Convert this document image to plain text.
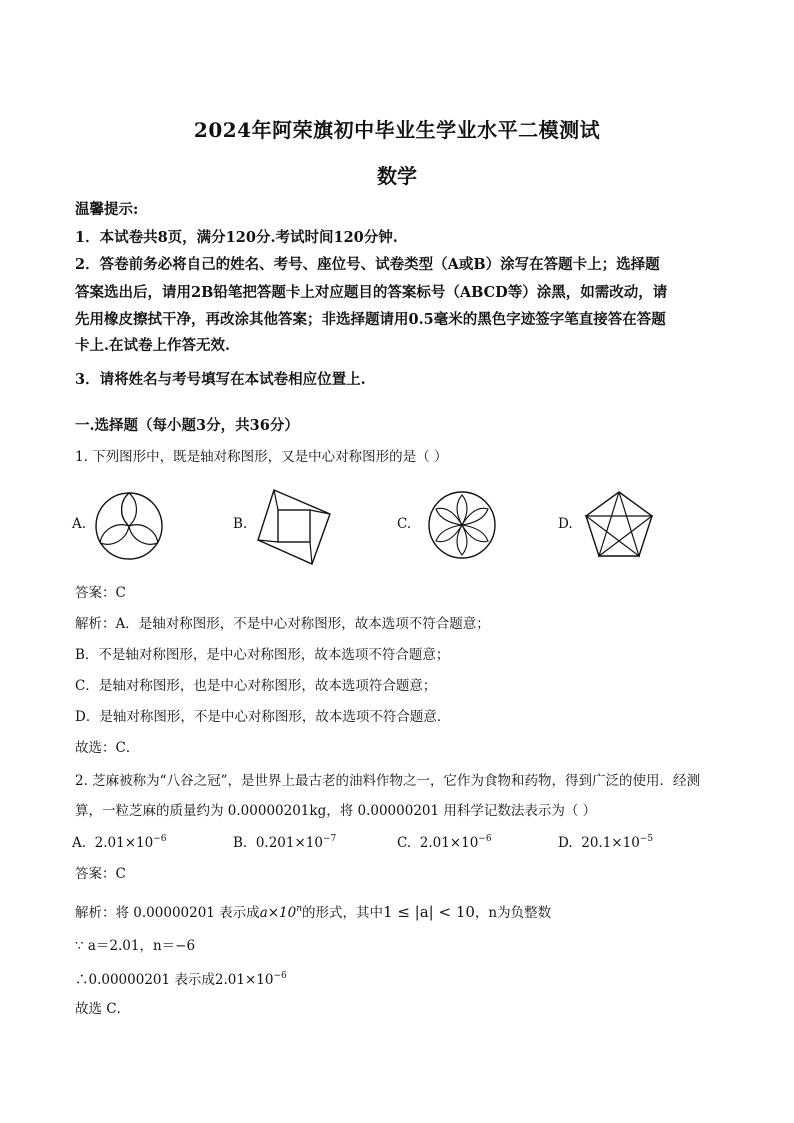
2024年阿荣旗初中毕业生学业水平二模测试
数学
温馨提示:
1．本试卷共8页，满分120分.考试时间120分钟.
2．答卷前务必将自己的姓名、考号、座位号、试卷类型（A或B）涂写在答题卡上；选择题
答案选出后，请用2B铅笔把答题卡上对应题目的答案标号（ABCD等）涂黑，如需改动，请
先用橡皮擦拭干净，再改涂其他答案；非选择题请用0.5毫米的黑色字迹签字笔直接答在答题
卡上.在试卷上作答无效.
3．请将姓名与考号填写在本试卷相应位置上.
一.选择题（每小题3分，共36分）
1. 下列图形中，既是轴对称图形，又是中心对称图形的是（ ）
A.	B.	C.	D.
答案：C
解析：A．是轴对称图形，不是中心对称图形，故本选项不符合题意；
B．不是轴对称图形，是中心对称图形，故本选项不符合题意；
C．是轴对称图形，也是中心对称图形，故本选项符合题意；
D．是轴对称图形，不是中心对称图形，故本选项不符合题意．
故选：C．
2. 芝麻被称为“八谷之冠”，是世界上最古老的油料作物之一，它作为食物和药物，得到广泛的使用．经测
算，一粒芝麻的质量约为 0.00000201kg，将 0.00000201 用科学记数法表示为（ ）
A. $2.01\times 10^{-6}$	B. $0.201\times 10^{-7}$	C. $2.01\times 10^{-6}$	D. $20.1\times 10^{-5}$
答案：C
解析：将 0.00000201 表示成$a\times 10^n$的形式，其中1 ≤ |a| < 10，n为负整数
∵ a＝2.01，n＝−6
∴0.00000201 表示成$2.01\times 10^{-6}$
故选 C．
